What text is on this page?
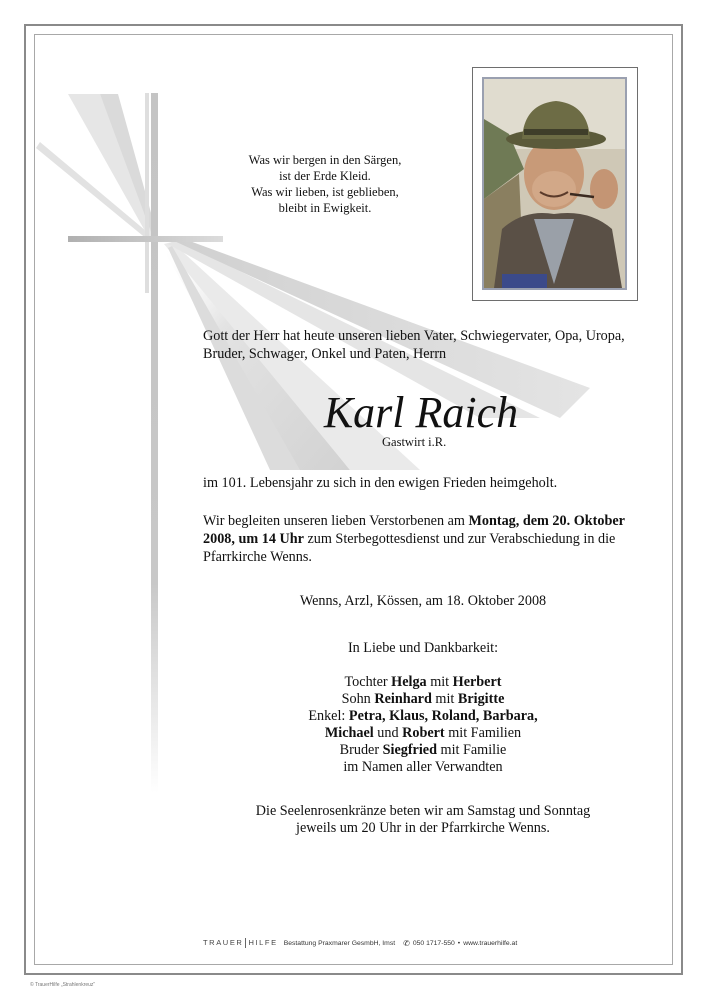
Was wir bergen in den Särgen,
ist der Erde Kleid.
Was wir lieben, ist geblieben,
bleibt in Ewigkeit.
Gott der Herr hat heute unseren lieben Vater, Schwiegervater, Opa, Uropa, Bruder, Schwager, Onkel und Paten, Herrn
Karl Raich
Gastwirt i.R.
im 101. Lebensjahr zu sich in den ewigen Frieden heimgeholt.
Wir begleiten unseren lieben Verstorbenen am Montag, dem 20. Oktober 2008, um 14 Uhr zum Sterbegottesdienst und zur Verabschiedung in die Pfarrkirche Wenns.
Wenns, Arzl, Kössen, am 18. Oktober 2008
In Liebe und Dankbarkeit:
Tochter Helga mit Herbert
Sohn Reinhard mit Brigitte
Enkel: Petra, Klaus, Roland, Barbara,
Michael und Robert mit Familien
Bruder Siegfried mit Familie
im Namen aller Verwandten
Die Seelenrosenkränze beten wir am Samstag und Sonntag
jeweils um 20 Uhr in der Pfarrkirche Wenns.
TRAUER HILFE Bestattung Praxmarer GesmbH, Imst ✆ 050 1717-550 • www.trauerhilfe.at
© TrauerHilfe „Strahlenkreuz“
